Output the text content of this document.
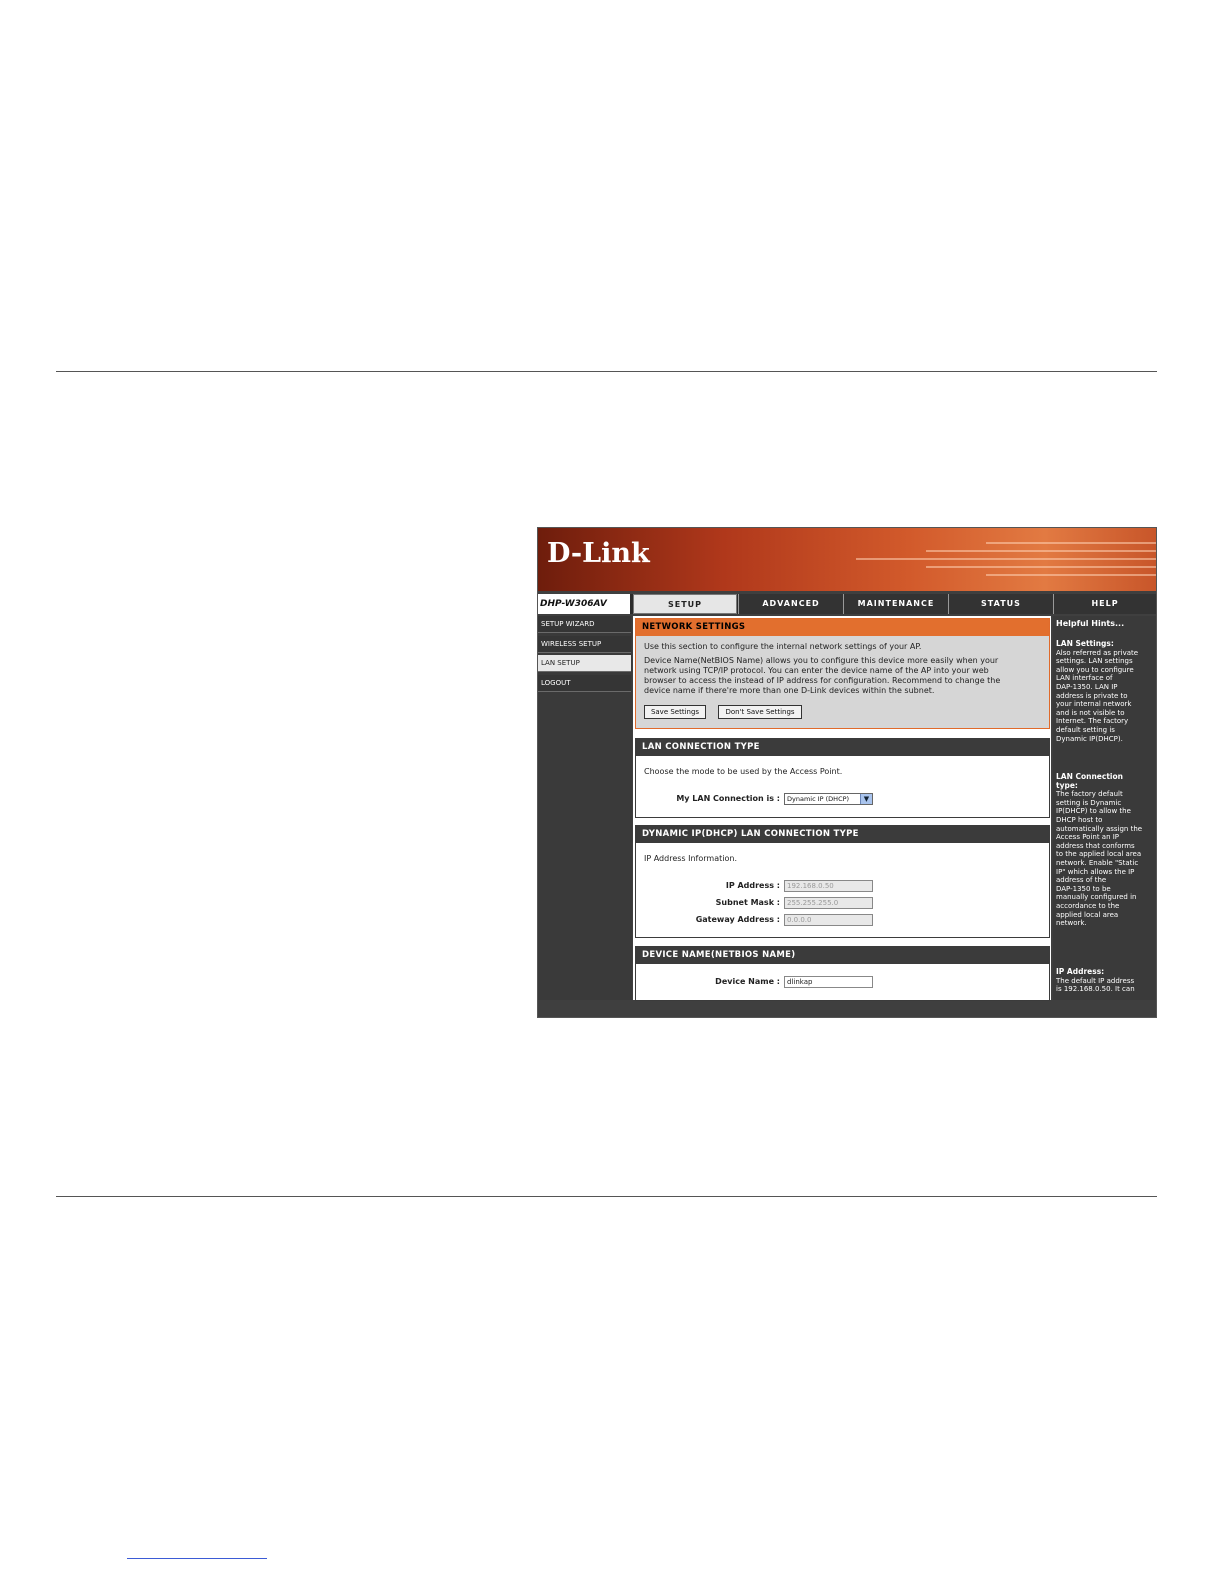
D-Link
DHP-W306AV
//	SETUP	ADVANCED	MAINTENANCE	STATUS	HELP
SETUP WIZARD
WIRELESS SETUP
LAN SETUP
LOGOUT
NETWORK SETTINGS
Use this section to configure the internal network settings of your AP.
Device Name(NetBIOS Name) allows you to configure this device more easily when your
network using TCP/IP protocol. You can enter the device name of the AP into your web
browser to access the instead of IP address for configuration. Recommend to change the
device name if there're more than one D-Link devices within the subnet.
Save Settings	Don't Save Settings
LAN CONNECTION TYPE
Choose the mode to be used by the Access Point.
My LAN Connection is :	Dynamic IP (DHCP)	▼
DYNAMIC IP(DHCP) LAN CONNECTION TYPE
IP Address Information.
IP Address :	192.168.0.50
Subnet Mask :	255.255.255.0
Gateway Address :	0.0.0.0
DEVICE NAME(NETBIOS NAME)
Device Name :	dlinkap
Helpful Hints...
LAN Settings:
Also referred as private
settings. LAN settings
allow you to configure
LAN interface of
DAP-1350. LAN IP
address is private to
your internal network
and is not visible to
Internet. The factory
default setting is
Dynamic IP(DHCP).
LAN Connection
type:
The factory default
setting is Dynamic
IP(DHCP) to allow the
DHCP host to
automatically assign the
Access Point an IP
address that conforms
to the applied local area
network. Enable "Static
IP" which allows the IP
address of the
DAP-1350 to be
manually configured in
accordance to the
applied local area
network.
IP Address:
The default IP address
is 192.168.0.50. It can
